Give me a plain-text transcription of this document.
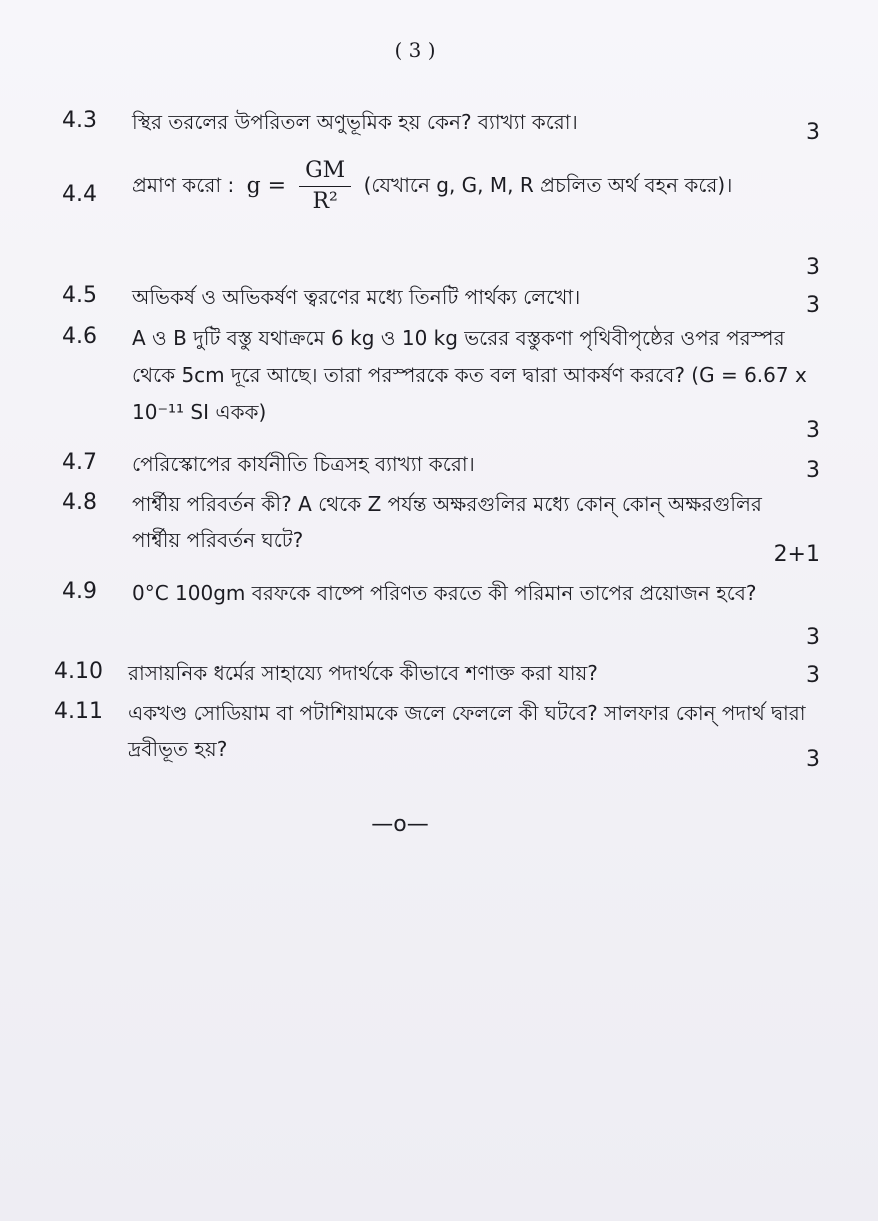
( 3 )
4.3 স্থির তরলের উপরিতল অণুভূমিক হয় কেন? ব্যাখ্যা করো।	3
4.4 প্রমাণ করো : $g = \frac{GM}{\text{R²}}$ (যেখানে g, G, M, R প্রচলিত অর্থ বহন করে)।
3
4.5 অভিকর্ষ ও অভিকর্ষণ ত্বরণের মধ্যে তিনটি পার্থক্য লেখো।	3
4.6 A ও B দুটি বস্তু যথাক্রমে 6 kg ও 10 kg ভরের বস্তুকণা পৃথিবীপৃষ্ঠের ওপর পরস্পর থেকে 5cm দূরে আছে। তারা পরস্পরকে কত বল দ্বারা আকর্ষণ করবে? (G = 6.67 x 10⁻¹¹ SI একক)
3
4.7 পেরিস্কোপের কার্যনীতি চিত্রসহ ব্যাখ্যা করো।	3
4.8 পার্শ্বীয় পরিবর্তন কী? A থেকে Z পর্যন্ত অক্ষরগুলির মধ্যে কোন্ কোন্ অক্ষরগুলির পার্শ্বীয় পরিবর্তন ঘটে?
2+1
4.9 0°C 100gm বরফকে বাষ্পে পরিণত করতে কী পরিমান তাপের প্রয়োজন হবে?
3
4.10 রাসায়নিক ধর্মের সাহায্যে পদার্থকে কীভাবে শণাক্ত করা যায়?	3
4.11 একখণ্ড সোডিয়াম বা পটাশিয়ামকে জলে ফেললে কী ঘটবে? সালফার কোন্ পদার্থ দ্বারা দ্রবীভূত হয়?	3
—o—
